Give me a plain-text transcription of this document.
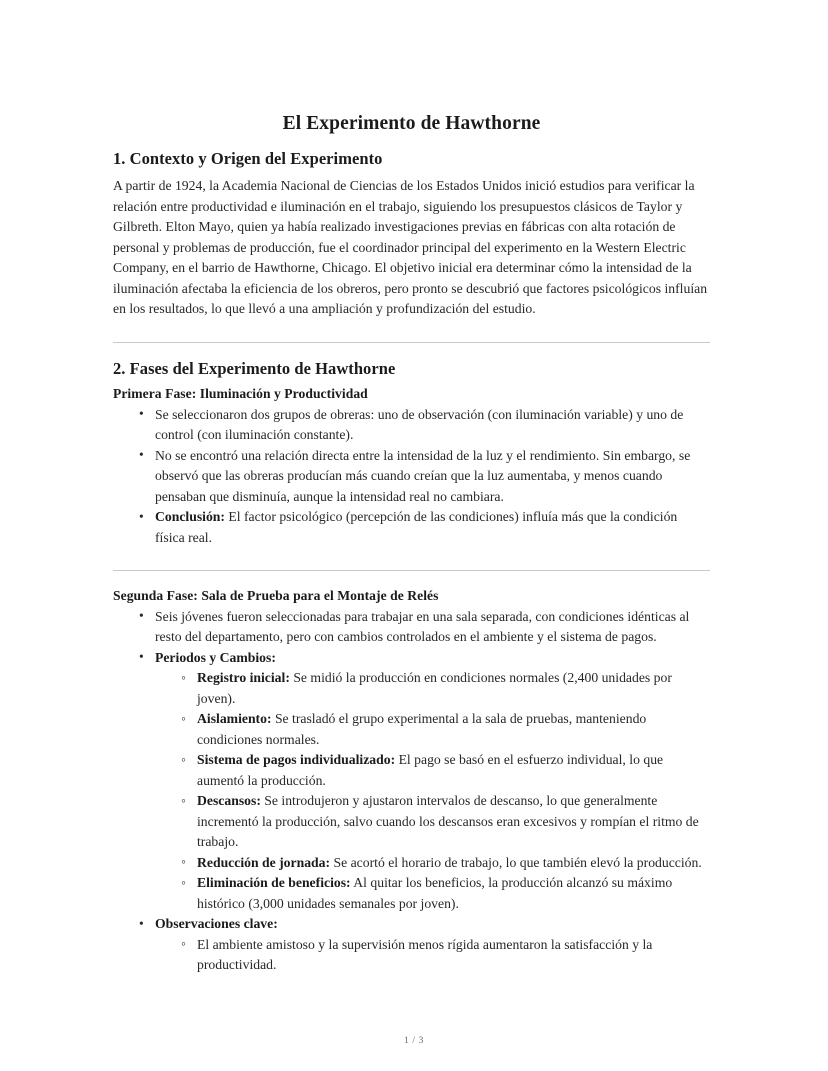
El Experimento de Hawthorne
1. Contexto y Origen del Experimento

A partir de 1924, la Academia Nacional de Ciencias de los Estados Unidos inició estudios para verificar la relación entre productividad e iluminación en el trabajo, siguiendo los presupuestos clásicos de Taylor y Gilbreth. Elton Mayo, quien ya había realizado investigaciones previas en fábricas con alta rotación de personal y problemas de producción, fue el coordinador principal del experimento en la Western Electric Company, en el barrio de Hawthorne, Chicago. El objetivo inicial era determinar cómo la intensidad de la iluminación afectaba la eficiencia de los obreros, pero pronto se descubrió que factores psicológicos influían en los resultados, lo que llevó a una ampliación y profundización del estudio.

2. Fases del Experimento de Hawthorne
Primera Fase: Iluminación y Productividad
• Se seleccionaron dos grupos de obreras: uno de observación (con iluminación variable) y uno de control (con iluminación constante).
• No se encontró una relación directa entre la intensidad de la luz y el rendimiento. Sin embargo, se observó que las obreras producían más cuando creían que la luz aumentaba, y menos cuando pensaban que disminuía, aunque la intensidad real no cambiara.
• Conclusión: El factor psicológico (percepción de las condiciones) influía más que la condición física real.
Segunda Fase: Sala de Prueba para el Montaje de Relés
• Seis jóvenes fueron seleccionadas para trabajar en una sala separada, con condiciones idénticas al resto del departamento, pero con cambios controlados en el ambiente y el sistema de pagos.
• Periodos y Cambios:
◦ Registro inicial: Se midió la producción en condiciones normales (2,400 unidades por joven).
◦ Aislamiento: Se trasladó el grupo experimental a la sala de pruebas, manteniendo condiciones normales.
◦ Sistema de pagos individualizado: El pago se basó en el esfuerzo individual, lo que aumentó la producción.
◦ Descansos: Se introdujeron y ajustaron intervalos de descanso, lo que generalmente incrementó la producción, salvo cuando los descansos eran excesivos y rompían el ritmo de trabajo.
◦ Reducción de jornada: Se acortó el horario de trabajo, lo que también elevó la producción.
◦ Eliminación de beneficios: Al quitar los beneficios, la producción alcanzó su máximo histórico (3,000 unidades semanales por joven).
• Observaciones clave:
◦ El ambiente amistoso y la supervisión menos rígida aumentaron la satisfacción y la productividad.
1 / 3
